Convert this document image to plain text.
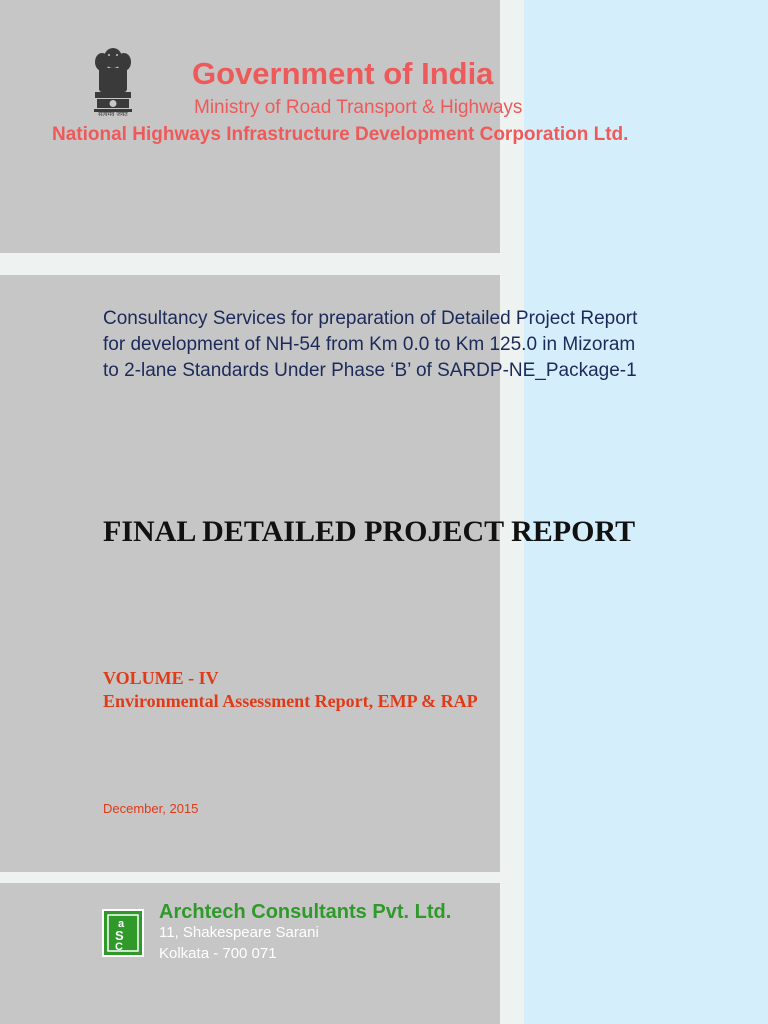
सत्यमेव जयते
Government of India
Ministry of Road Transport & Highways
National Highways Infrastructure Development Corporation Ltd.
Consultancy Services for preparation of Detailed Project Report
for development of NH-54 from Km 0.0 to Km 125.0 in Mizoram
to 2-lane Standards Under Phase ‘B’ of SARDP-NE_Package-1
FINAL DETAILED PROJECT REPORT
VOLUME - IV
Environmental Assessment Report, EMP & RAP
December, 2015
a
S
C
Archtech Consultants Pvt. Ltd.
11, Shakespeare Sarani
Kolkata - 700 071
